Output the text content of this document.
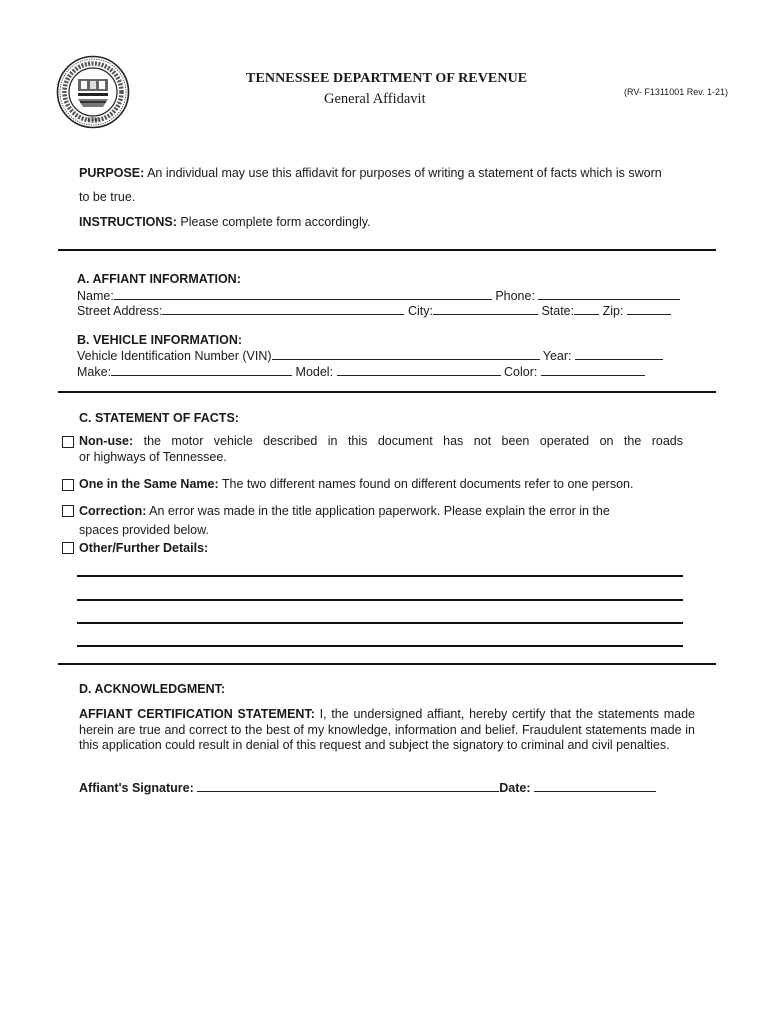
1796
TENNESSEE DEPARTMENT OF REVENUE
General Affidavit	(RV- F1311001 Rev. 1-21)
PURPOSE: An individual may use this affidavit for purposes of writing a statement of facts which is sworn
to be true.
INSTRUCTIONS: Please complete form accordingly.
A. AFFIANT INFORMATION:
Name:	Phone:
Street Address:	City:	State: Zip:
B. VEHICLE INFORMATION:
Vehicle Identification Number (VIN)	Year:
Make:	Model:	Color:
C. STATEMENT OF FACTS:
Non-use: the motor vehicle described in this document has not been operated on the roads
or highways of Tennessee.
One in the Same Name: The two different names found on different documents refer to one person.
Correction: An error was made in the title application paperwork. Please explain the error in the
spaces provided below.
Other/Further Details:
D. ACKNOWLEDGMENT:
AFFIANT CERTIFICATION STATEMENT: I, the undersigned affiant, hereby certify that the statements made herein are true and correct to the best of my knowledge, information and belief. Fraudulent statements made in this application could result in denial of this request and subject the signatory to criminal and civil penalties.
Affiant's Signature:	Date:
